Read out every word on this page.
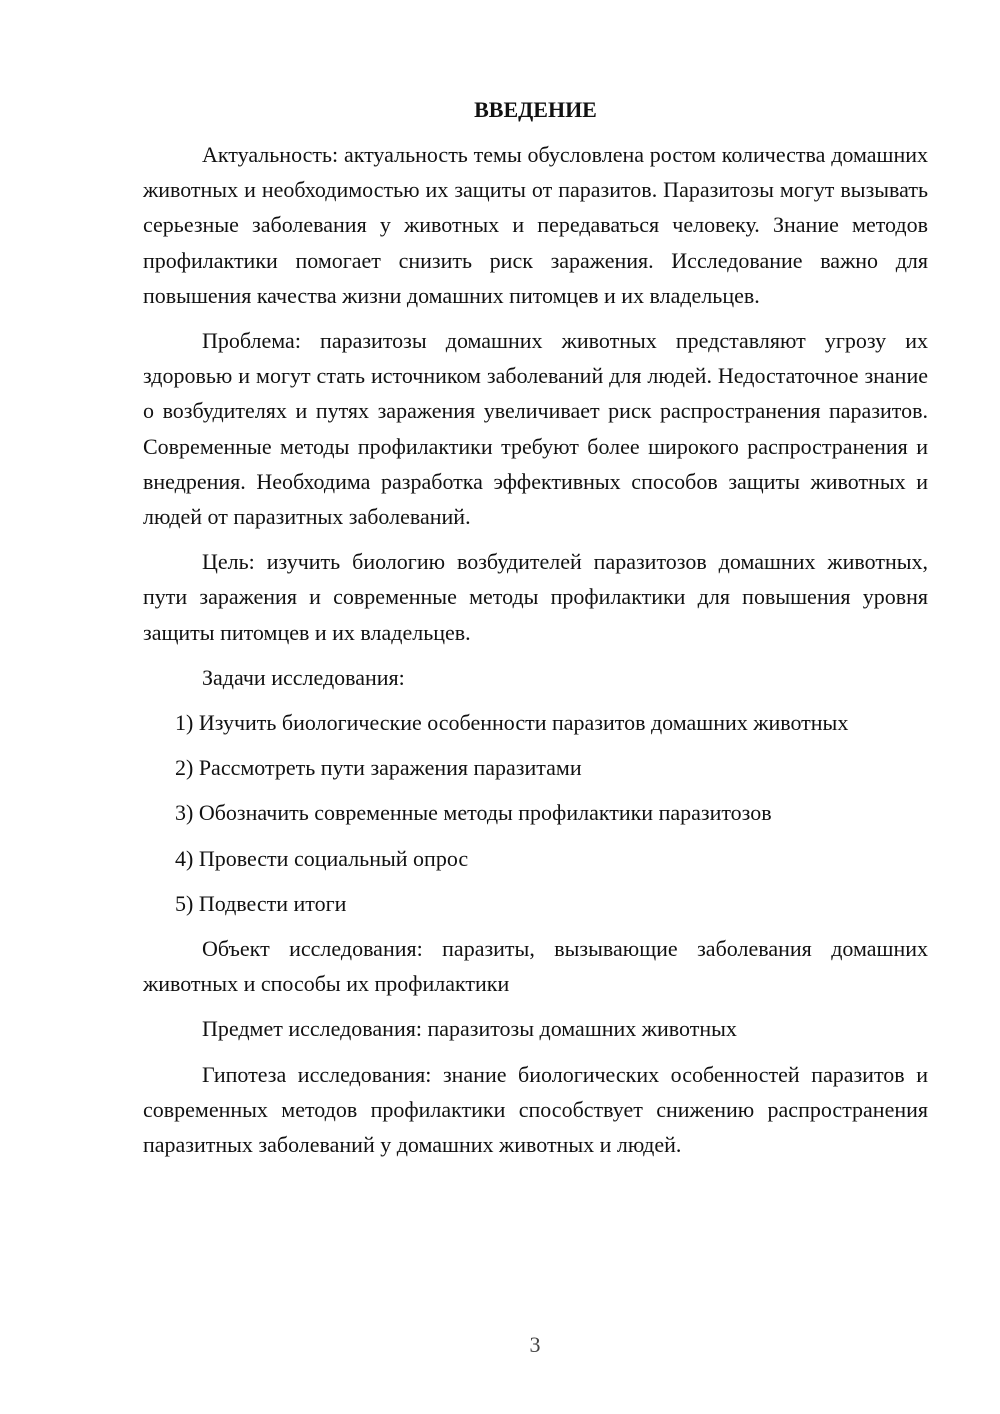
ВВЕДЕНИЕ

Актуальность: актуальность темы обусловлена ростом количества домашних животных и необходимостью их защиты от паразитов. Паразитозы могут вызывать серьезные заболевания у животных и передаваться человеку. Знание методов профилактики помогает снизить риск заражения. Исследование важно для повышения качества жизни домашних питомцев и их владельцев.

Проблема: паразитозы домашних животных представляют угрозу их здоровью и могут стать источником заболеваний для людей. Недостаточное знание о возбудителях и путях заражения увеличивает риск распространения паразитов. Современные методы профилактики требуют более широкого распространения и внедрения. Необходима разработка эффективных способов защиты животных и людей от паразитных заболеваний.

Цель: изучить биологию возбудителей паразитозов домашних животных, пути заражения и современные методы профилактики для повышения уровня защиты питомцев и их владельцев.

Задачи исследования:

1) Изучить биологические особенности паразитов домашних животных

2) Рассмотреть пути заражения паразитами

3) Обозначить современные методы профилактики паразитозов

4) Провести социальный опрос

5) Подвести итоги

Объект исследования: паразиты, вызывающие заболевания домашних животных и способы их профилактики

Предмет исследования: паразитозы домашних животных

Гипотеза исследования: знание биологических особенностей паразитов и современных методов профилактики способствует снижению распространения паразитных заболеваний у домашних животных и людей.

3
